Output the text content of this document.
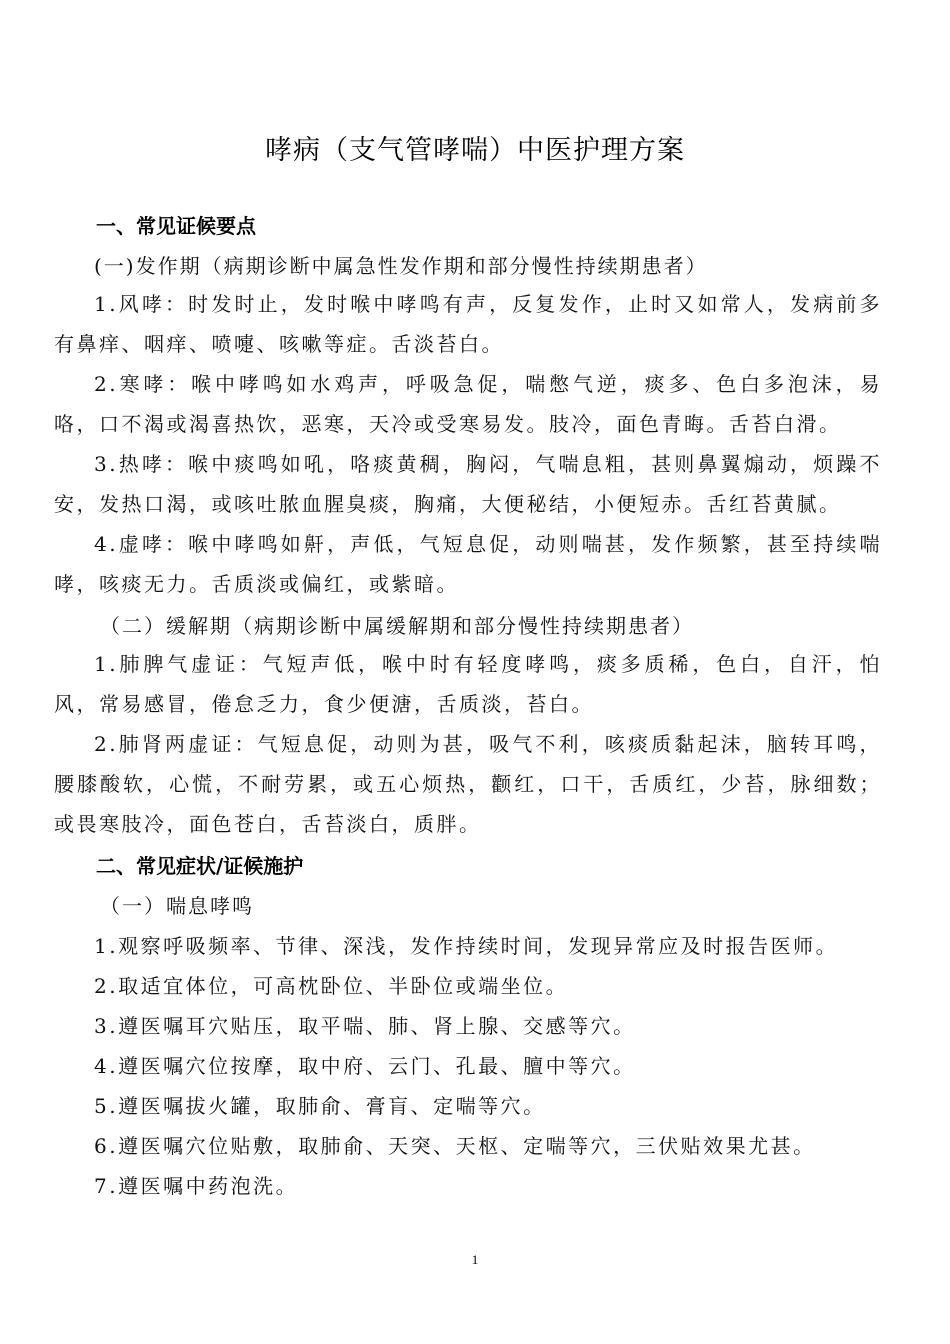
哮病（支气管哮喘）中医护理方案
一、常见证候要点
(一)发作期（病期诊断中属急性发作期和部分慢性持续期患者）
1.风哮：时发时止，发时喉中哮鸣有声，反复发作，止时又如常人，发病前多有鼻痒、咽痒、喷嚏、咳嗽等症。舌淡苔白。
2.寒哮：喉中哮鸣如水鸡声，呼吸急促，喘憋气逆，痰多、色白多泡沫，易咯，口不渴或渴喜热饮，恶寒，天冷或受寒易发。肢冷，面色青晦。舌苔白滑。
3.热哮：喉中痰鸣如吼，咯痰黄稠，胸闷，气喘息粗，甚则鼻翼煽动，烦躁不安，发热口渴，或咳吐脓血腥臭痰，胸痛，大便秘结，小便短赤。舌红苔黄腻。
4.虚哮：喉中哮鸣如鼾，声低，气短息促，动则喘甚，发作频繁，甚至持续喘哮，咳痰无力。舌质淡或偏红，或紫暗。
（二）缓解期（病期诊断中属缓解期和部分慢性持续期患者）
1.肺脾气虚证：气短声低，喉中时有轻度哮鸣，痰多质稀，色白，自汗，怕风，常易感冒，倦怠乏力，食少便溏，舌质淡，苔白。
2.肺肾两虚证：气短息促，动则为甚，吸气不利，咳痰质黏起沫，脑转耳鸣，腰膝酸软，心慌，不耐劳累，或五心烦热，颧红，口干，舌质红，少苔，脉细数；或畏寒肢冷，面色苍白，舌苔淡白，质胖。
二、常见症状/证候施护
（一）喘息哮鸣
1.观察呼吸频率、节律、深浅，发作持续时间，发现异常应及时报告医师。
2.取适宜体位，可高枕卧位、半卧位或端坐位。
3.遵医嘱耳穴贴压，取平喘、肺、肾上腺、交感等穴。
4.遵医嘱穴位按摩，取中府、云门、孔最、膻中等穴。
5.遵医嘱拔火罐，取肺俞、膏肓、定喘等穴。
6.遵医嘱穴位贴敷，取肺俞、天突、天枢、定喘等穴，三伏贴效果尤甚。
7.遵医嘱中药泡洗。
1
